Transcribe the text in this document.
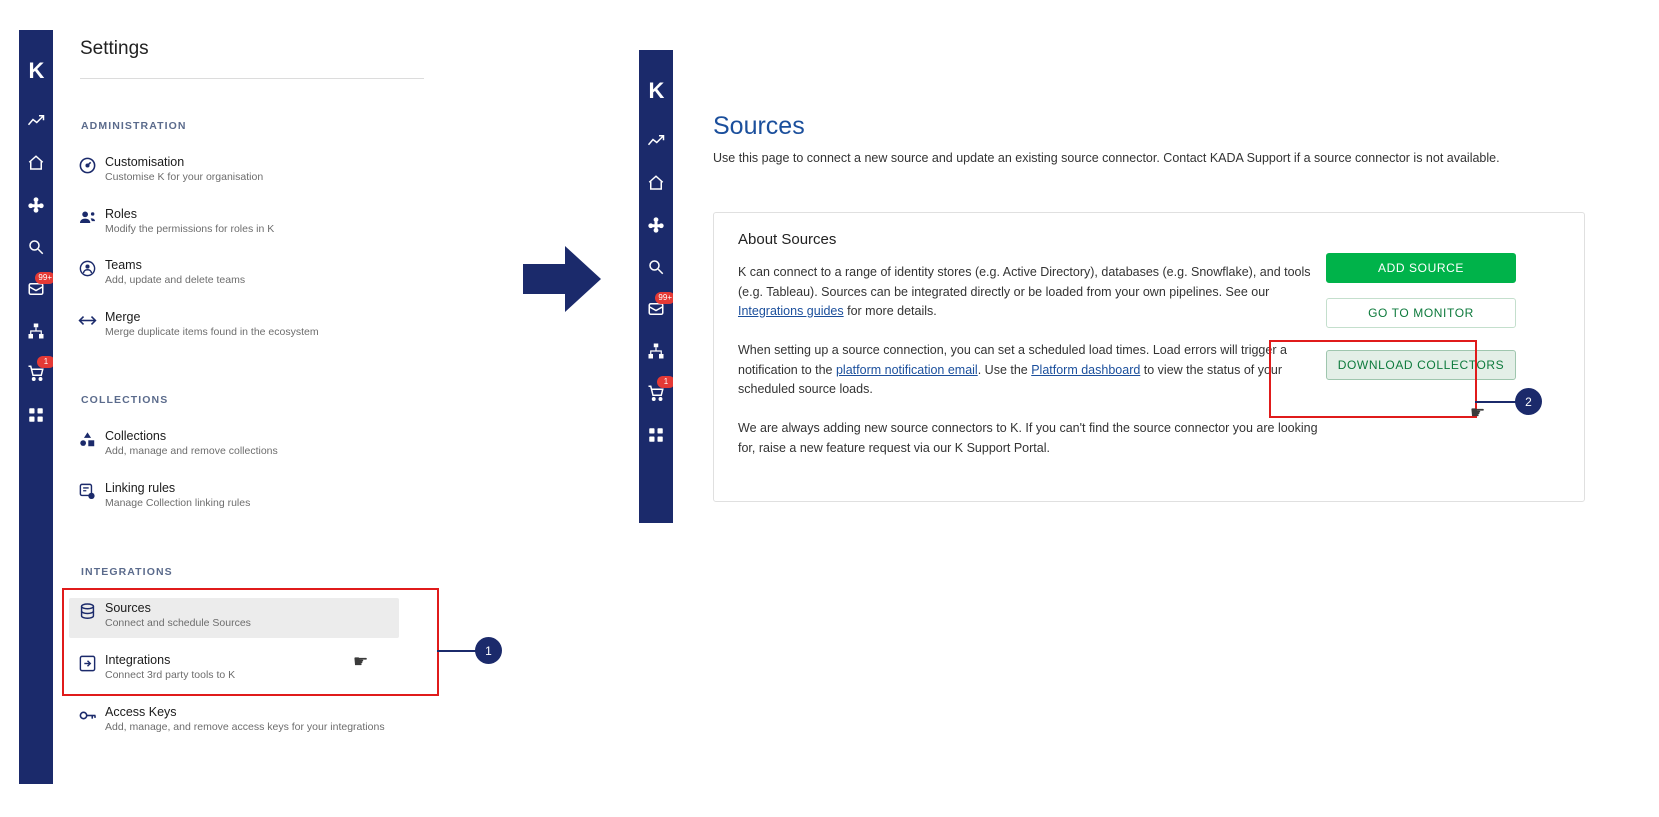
K
99+
1
Settings
ADMINISTRATION
Customisation
Customise K for your organisation
Roles
Modify the permissions for roles in K
Teams
Add, update and delete teams
Merge
Merge duplicate items found in the ecosystem
COLLECTIONS
Collections
Add, manage and remove collections
Linking rules
Manage Collection linking rules
INTEGRATIONS
Sources
Connect and schedule Sources
Integrations
Connect 3rd party tools to K
Access Keys
Add, manage, and remove access keys for your integrations
1
☛
K
99+
1
Sources
Use this page to connect a new source and update an existing source connector. Contact KADA Support if a source connector is not available.
About Sources
K can connect to a range of identity stores (e.g. Active Directory), databases (e.g. Snowflake), and tools (e.g. Tableau). Sources can be integrated directly or be loaded from your own pipelines. See our Integrations guides for more details.
When setting up a source connection, you can set a scheduled load times. Load errors will trigger a notification to the platform notification email. Use the Platform dashboard to view the status of your scheduled source loads.
We are always adding new source connectors to K. If you can't find the source connector you are looking for, raise a new feature request via our K Support Portal.
ADD SOURCE
GO TO MONITOR
DOWNLOAD COLLECTORS
2
☛
